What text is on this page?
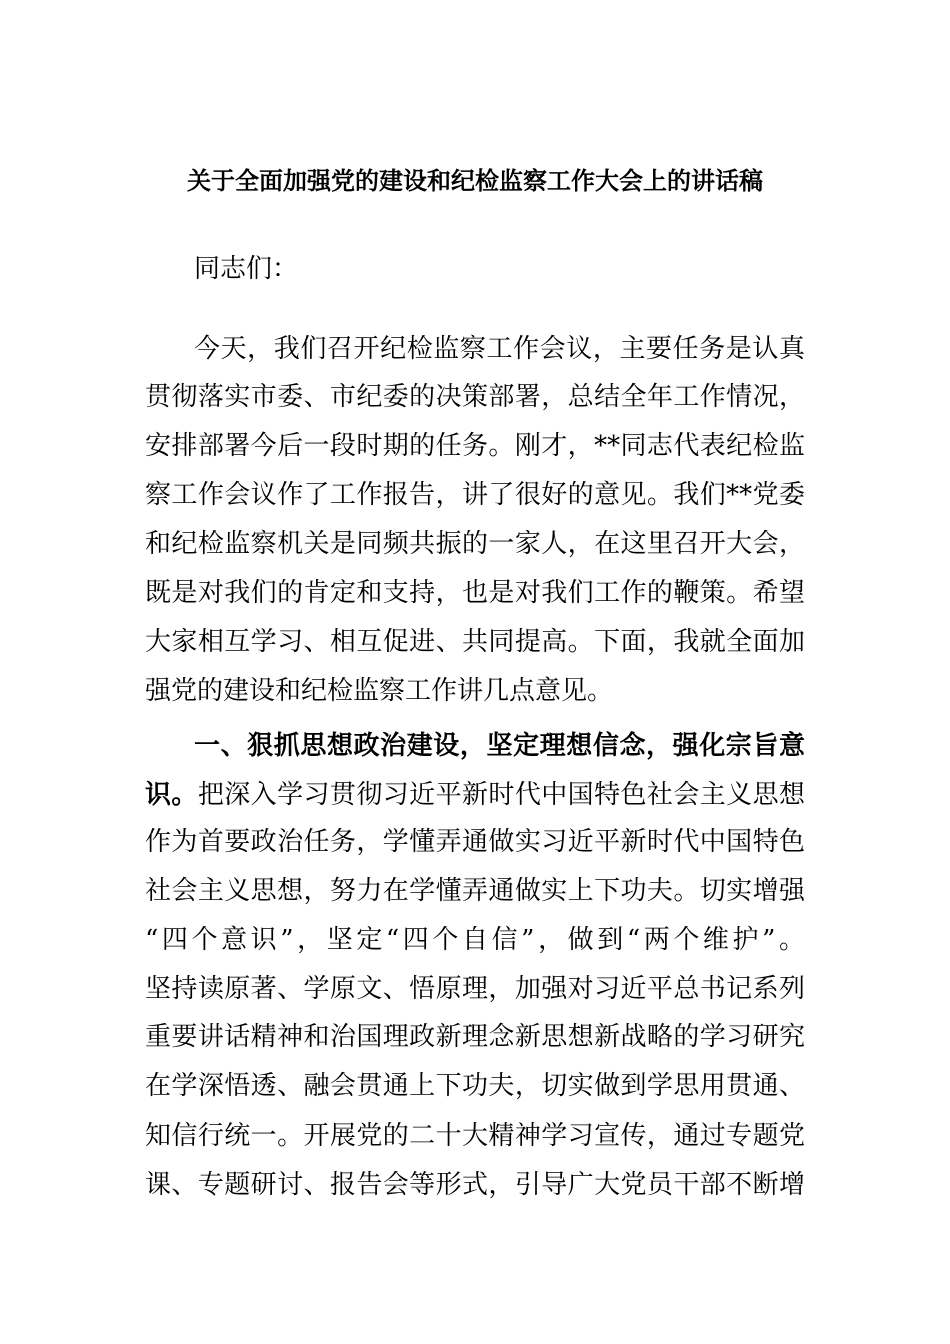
关于全面加强党的建设和纪检监察工作大会上的讲话稿
同志们：
今天，我们召开纪检监察工作会议，主要任务是认真
贯彻落实市委、市纪委的决策部署，总结全年工作情况，
安排部署今后一段时期的任务。刚才，**同志代表纪检监
察工作会议作了工作报告，讲了很好的意见。我们**党委
和纪检监察机关是同频共振的一家人，在这里召开大会，
既是对我们的肯定和支持，也是对我们工作的鞭策。希望
大家相互学习、相互促进、共同提高。下面，我就全面加
强党的建设和纪检监察工作讲几点意见。
一、狠抓思想政治建设，坚定理想信念，强化宗旨意
识。把深入学习贯彻习近平新时代中国特色社会主义思想
作为首要政治任务，学懂弄通做实习近平新时代中国特色
社会主义思想，努力在学懂弄通做实上下功夫。切实增强
“四个意识”，坚定“四个自信”，做到“两个维护”。
坚持读原著、学原文、悟原理，加强对习近平总书记系列
重要讲话精神和治国理政新理念新思想新战略的学习研究
在学深悟透、融会贯通上下功夫，切实做到学思用贯通、
知信行统一。开展党的二十大精神学习宣传，通过专题党
课、专题研讨、报告会等形式，引导广大党员干部不断增
